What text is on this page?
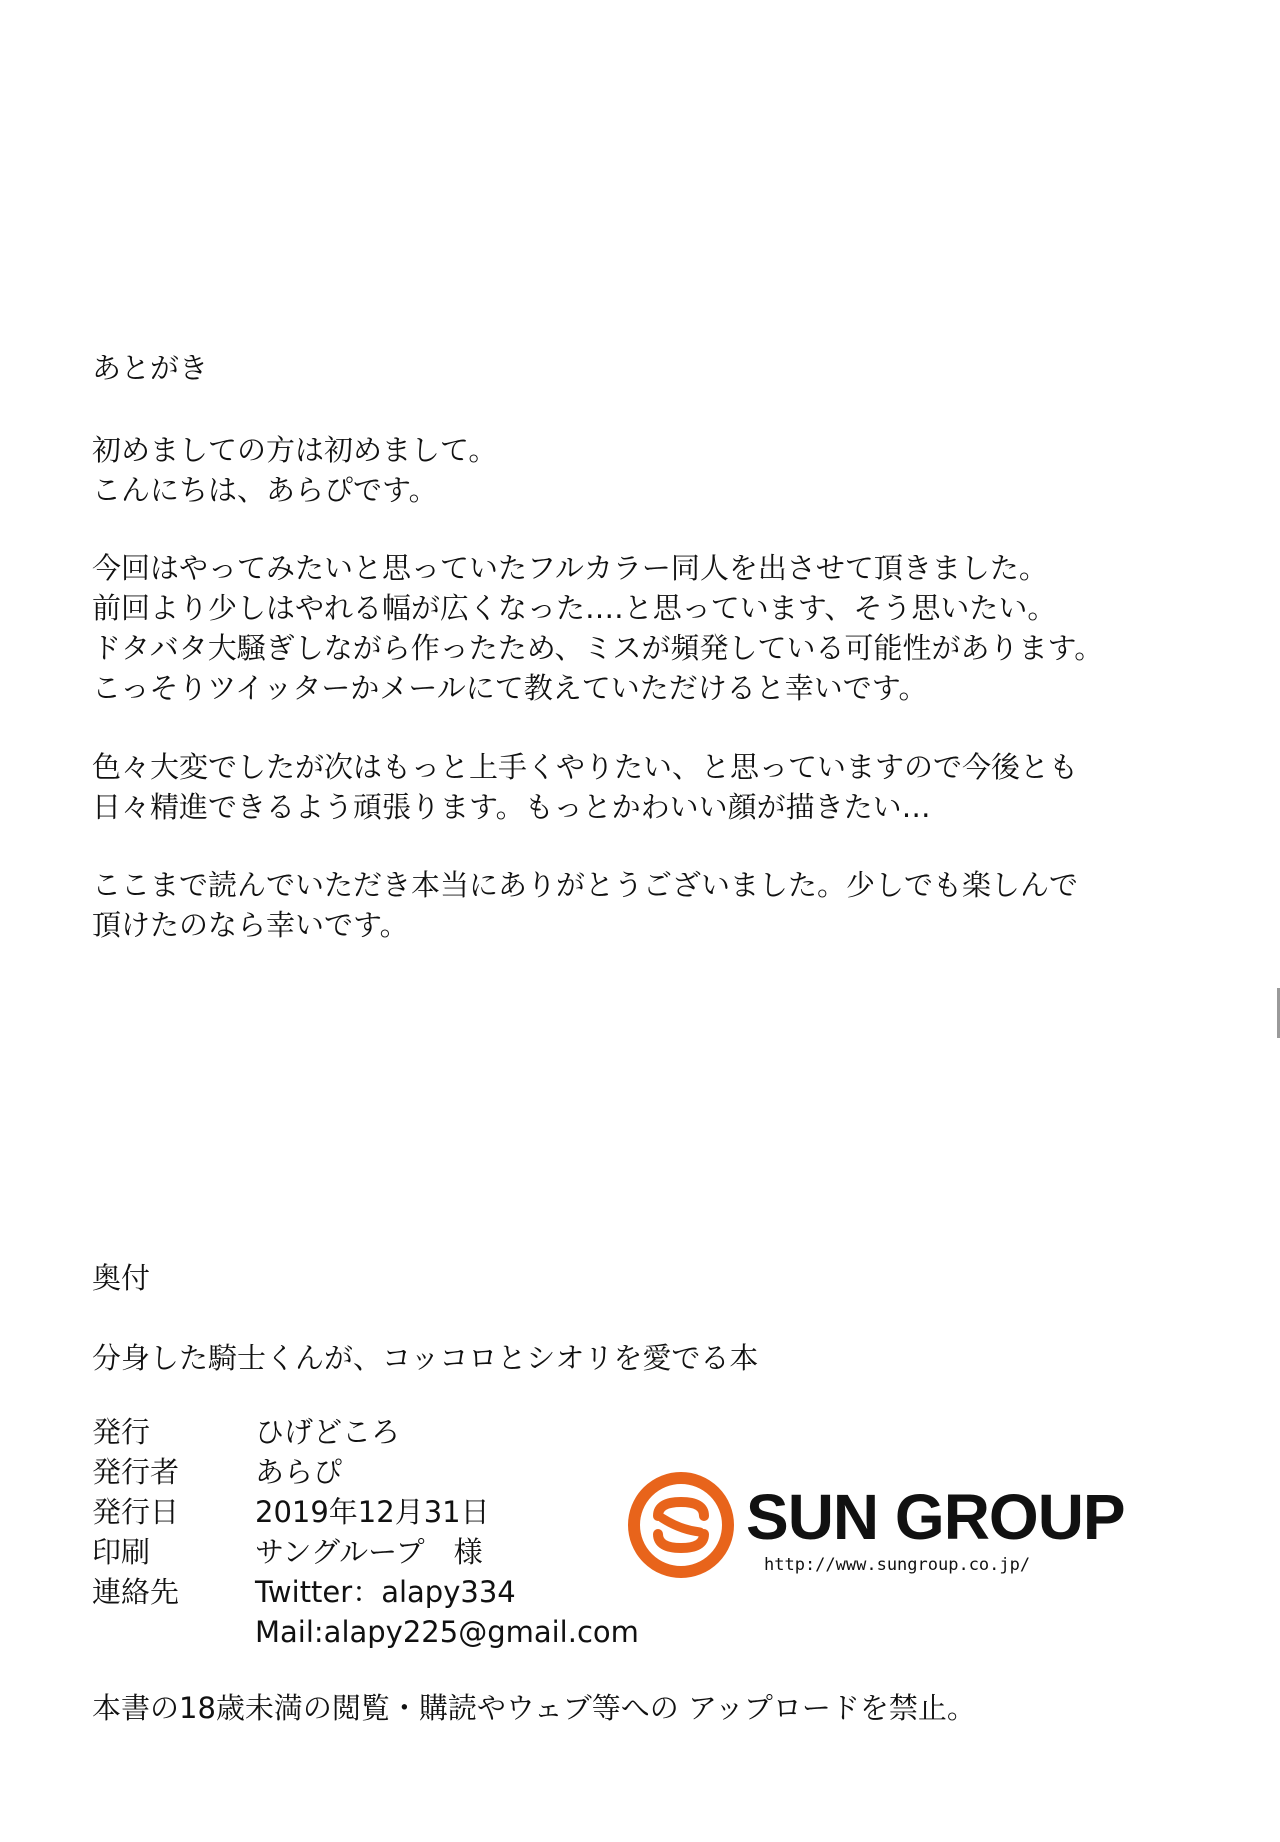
あとがき
初めましての方は初めまして。
こんにちは、あらぴです。
今回はやってみたいと思っていたフルカラー同人を出させて頂きました。
前回より少しはやれる幅が広くなった‥‥と思っています、そう思いたい。
ドタバタ大騒ぎしながら作ったため、ミスが頻発している可能性があります。
こっそりツイッターかメールにて教えていただけると幸いです。
色々大変でしたが次はもっと上手くやりたい、と思っていますので今後とも
日々精進できるよう頑張ります。もっとかわいい顔が描きたい…
ここまで読んでいただき本当にありがとうございました。少しでも楽しんで
頂けたのなら幸いです。
奥付
分身した騎士くんが、コッコロとシオリを愛でる本
発行	ひげどころ
発行者	あらぴ
発行日	2019年12月31日
印刷	サングループ　様
連絡先	Twitter：alapy334
Mail:alapy225@gmail.com
本書の18歳未満の閲覧・購読やウェブ等への アップロードを禁止。
SUN GROUP
http://www.sungroup.co.jp/
